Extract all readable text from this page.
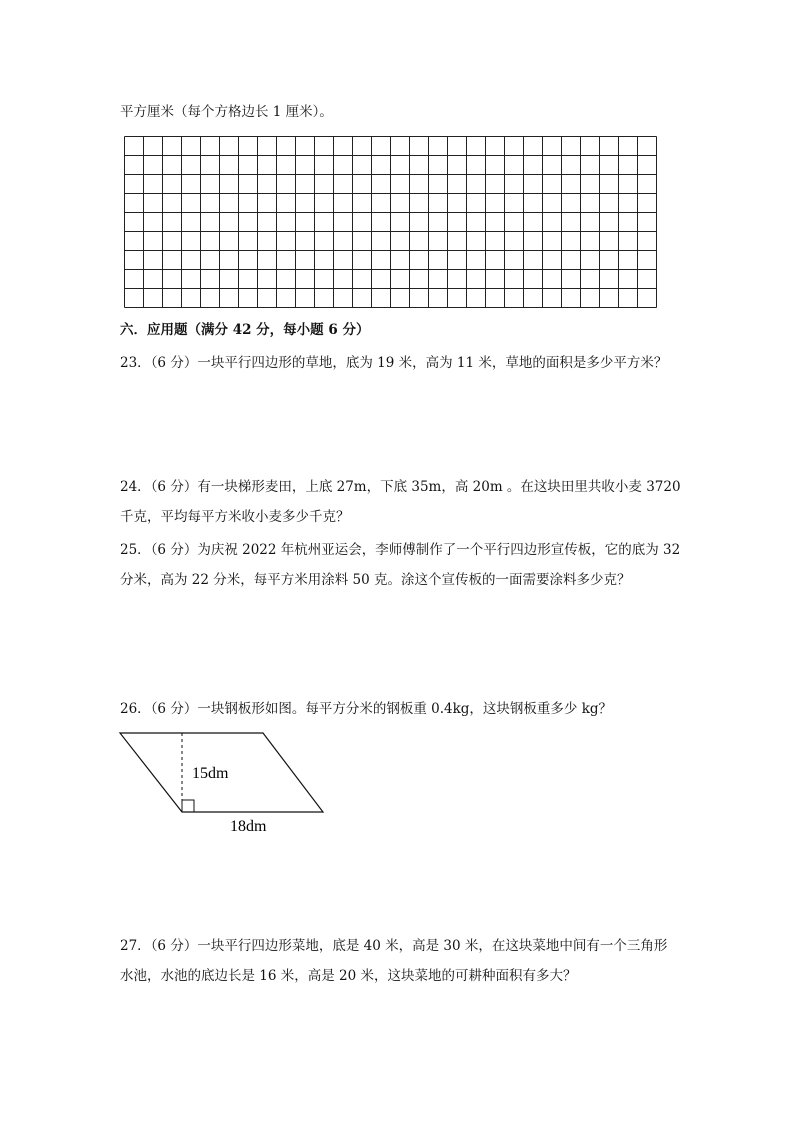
平方厘米（每个方格边长 1 厘米）。
六．应用题（满分 42 分，每小题 6 分）
23．（6 分）一块平行四边形的草地，底为 19 米，高为 11 米，草地的面积是多少平方米？
24．（6 分）有一块梯形麦田，上底 27m，下底 35m，高 20m 。在这块田里共收小麦 3720
千克，平均每平方米收小麦多少千克？
25．（6 分）为庆祝 2022 年杭州亚运会，李师傅制作了一个平行四边形宣传板，它的底为 32
分米，高为 22 分米，每平方米用涂料 50 克。涂这个宣传板的一面需要涂料多少克？
26．（6 分）一块钢板形如图。每平方分米的钢板重 0.4kg，这块钢板重多少 kg？
15dm
18dm
27．（6 分）一块平行四边形菜地，底是 40 米，高是 30 米，在这块菜地中间有一个三角形
水池，水池的底边长是 16 米，高是 20 米，这块菜地的可耕种面积有多大？
